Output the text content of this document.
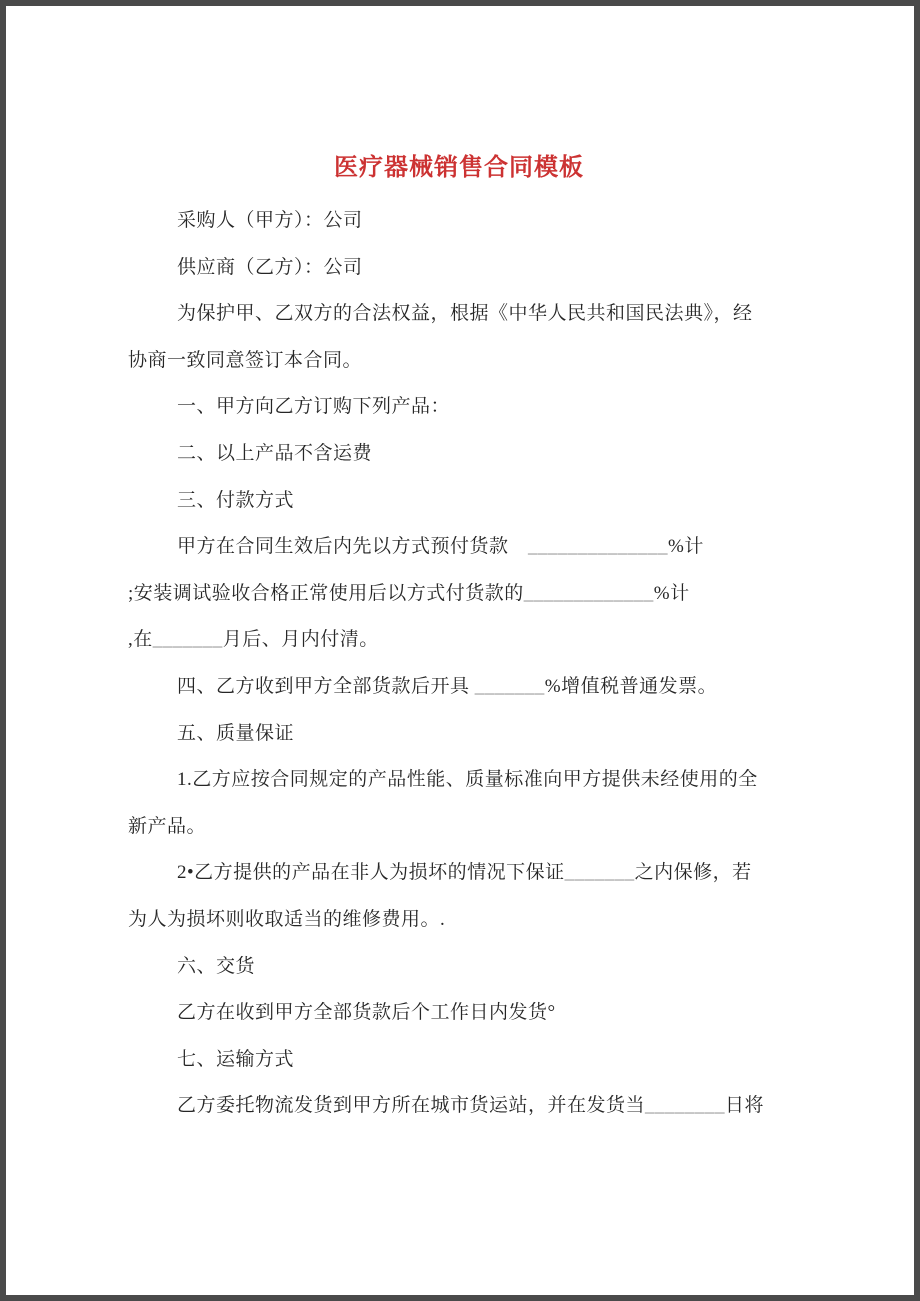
医疗器械销售合同模板
采购人（甲方）：公司
供应商（乙方）：公司
为保护甲、乙双方的合法权益，根据《中华人民共和国民法典》，经
协商一致同意签订本合同。
一、甲方向乙方订购下列产品：
二、以上产品不含运费
三、付款方式
甲方在合同生效后内先以方式预付货款　______________%计
;安装调试验收合格正常使用后以方式付货款的_____________%计
,在_______月后、月内付清。
四、乙方收到甲方全部货款后开具 _______%增值税普通发票。
五、质量保证
1.乙方应按合同规定的产品性能、质量标准向甲方提供未经使用的全
新产品。
2•乙方提供的产品在非人为损坏的情况下保证_______之内保修，若
为人为损坏则收取适当的维修费用。.
六、交货
乙方在收到甲方全部货款后个工作日内发货°
七、运输方式
乙方委托物流发货到甲方所在城市货运站，并在发货当________日将
